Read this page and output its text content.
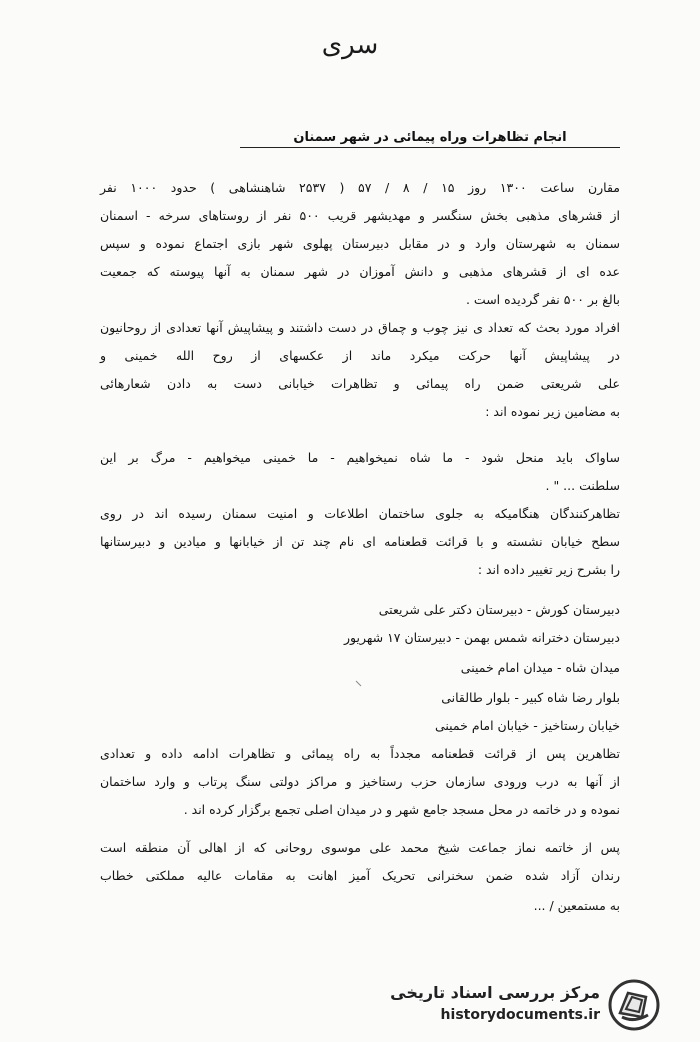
سری
انجام تظاهرات وراه پیمائی در شهر سمنان
مقارن ساعت ۱۳۰۰ روز ۱۵ / ۸ / ۵۷ ( ۲۵۳۷ شاهنشاهی ) حدود ۱۰۰۰ نفر
از قشرهای مذهبی بخش سنگسر و مهدیشهر قریب ۵۰۰ نفر از روستاهای سرخه - اسمنان
سمنان به شهرستان وارد و در مقابل دبیرستان پهلوی شهر بازی اجتماع نموده و سپس
عده ای از قشرهای مذهبی و دانش آموزان در شهر سمنان به آنها پیوسته که جمعیت
بالغ بر ۵۰۰ نفر گردیده است .
افراد مورد بحث که تعداد ی نیز چوب و چماق در دست داشتند و پیشاپیش آنها تعدادی از روحانیون
در پیشاپیش آنها حرکت میکرد ماند از عکسهای از روح الله خمینی و
علی شریعتی ضمن راه پیمائی و تظاهرات خیابانی دست به دادن شعارهائی
به مضامین زیر نموده اند :
ساواک باید منحل شود - ما شاه نمیخواهیم - ما خمینی میخواهیم - مرگ بر این
سلطنت ... " .
تظاهرکنندگان هنگامیکه به جلوی ساختمان اطلاعات و امنیت سمنان رسیده اند در روی
سطح خیابان نشسته و با قرائت قطعنامه ای نام چند تن از خیابانها و میادین و دبیرستانها
را بشرح زیر تغییر داده اند :
دبیرستان کورش - دبیرستان دکتر علی شریعتی
دبیرستان دخترانه شمس بهمن - دبیرستان ۱۷ شهریور
میدان شاه - میدان امام خمینی
بلوار رضا شاه کبیر - بلوار طالقانی
خیابان رستاخیز - خیابان امام خمینی
تظاهرین پس از قرائت قطعنامه مجدداً به راه پیمائی و تظاهرات ادامه داده و تعدادی
از آنها به درب ورودی سازمان حزب رستاخیز و مراکز دولتی سنگ پرتاب و وارد ساختمان
نموده و در خاتمه در محل مسجد جامع شهر و در میدان اصلی تجمع برگزار کرده اند .
پس از خاتمه نماز جماعت شیخ محمد علی موسوی روحانی که از اهالی آن منطقه است
رندان آزاد شده ضمن سخنرانی تحریک آمیز اهانت به مقامات عالیه مملکتی خطاب
به مستمعین / ...
مرکز بررسی اسناد تاریخی
historydocuments.ir
